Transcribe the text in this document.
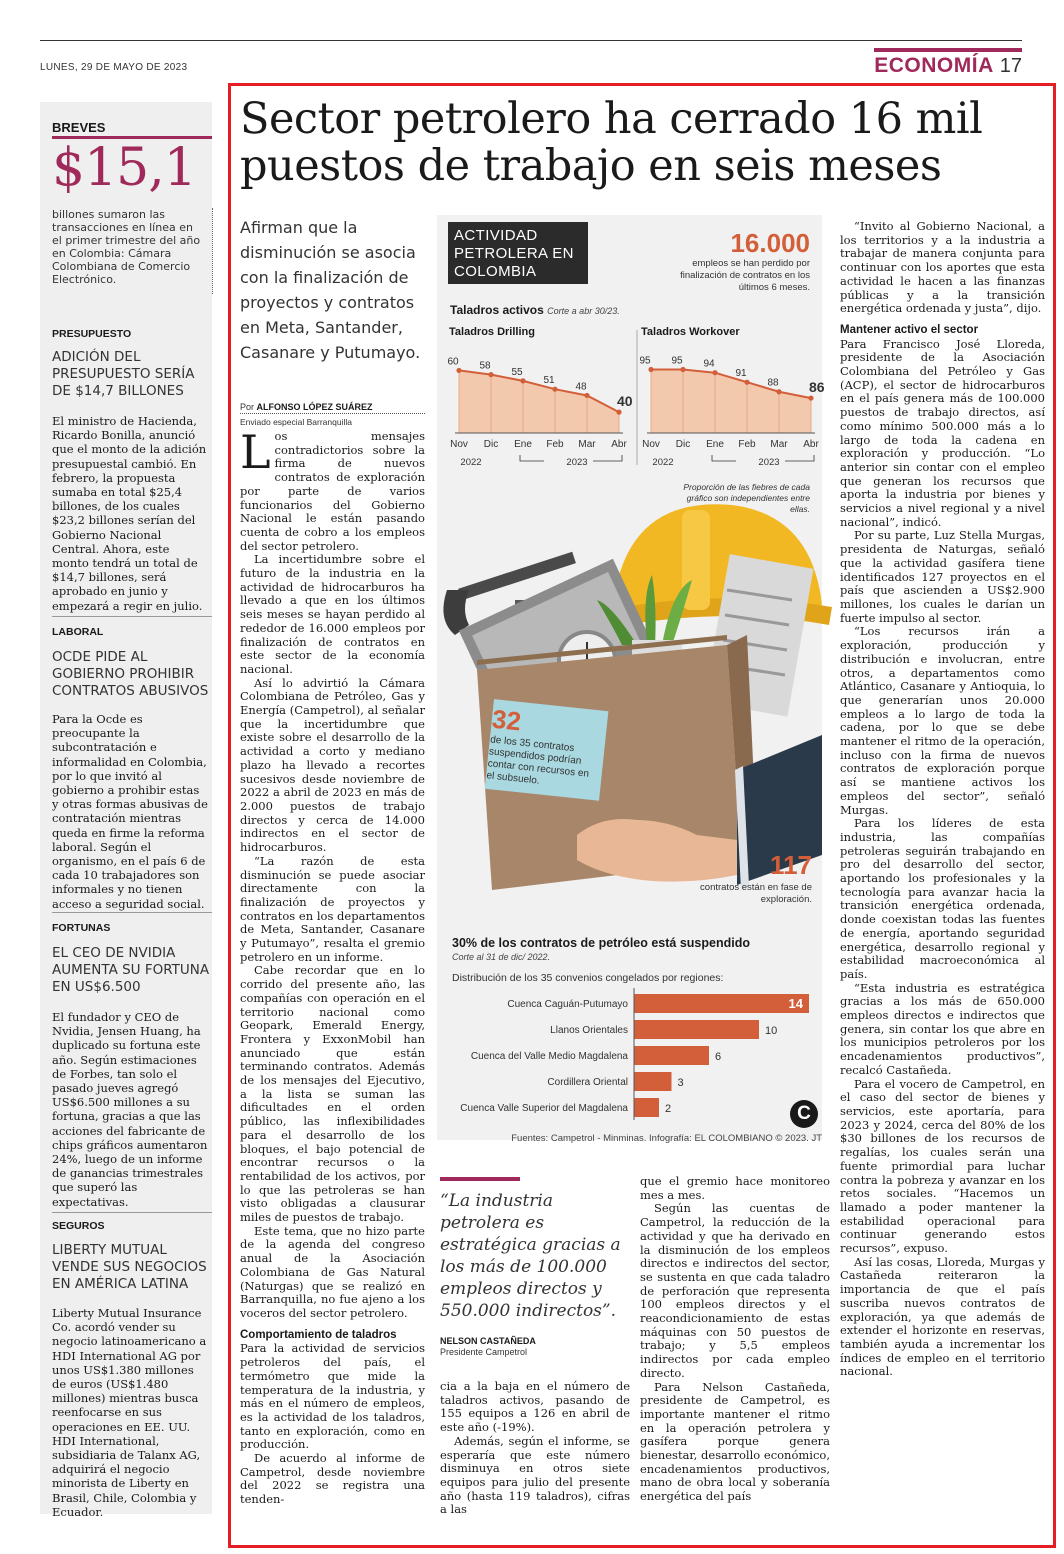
LUNES, 29 DE MAYO DE 2023	ECONOMÍA 17
BREVES
$15,1
billones sumaron las transacciones en línea en el primer trimestre del año en Colombia: Cámara Colombiana de Comercio Electrónico.
PRESUPUESTO
ADICIÓN DEL PRESUPUESTO SERÍA DE $14,7 BILLONES
El ministro de Hacienda, Ricardo Bonilla, anunció que el monto de la adición presupuestal cambió. En febrero, la propuesta sumaba en total $25,4 billones, de los cuales $23,2 billones serían del Gobierno Nacional Central. Ahora, este monto tendrá un total de $14,7 billones, será aprobado en junio y empezará a regir en julio.
LABORAL
OCDE PIDE AL GOBIERNO PROHIBIR CONTRATOS ABUSIVOS
Para la Ocde es preocupante la subcontratación e informalidad en Colombia, por lo que invitó al gobierno a prohibir estas y otras formas abusivas de contratación mientras queda en firme la reforma laboral. Según el organismo, en el país 6 de cada 10 trabajadores son informales y no tienen acceso a seguridad social.
FORTUNAS
EL CEO DE NVIDIA AUMENTA SU FORTUNA EN US$6.500
El fundador y CEO de Nvidia, Jensen Huang, ha duplicado su fortuna este año. Según estimaciones de Forbes, tan solo el pasado jueves agregó US$6.500 millones a su fortuna, gracias a que las acciones del fabricante de chips gráficos aumentaron 24%, luego de un informe de ganancias trimestrales que superó las expectativas.
SEGUROS
LIBERTY MUTUAL VENDE SUS NEGOCIOS EN AMÉRICA LATINA
Liberty Mutual Insurance Co. acordó vender su negocio latinoamericano a HDI International AG por unos US$1.380 millones de euros (US$1.480 millones) mientras busca reenfocarse en sus operaciones en EE. UU. HDI International, subsidiaria de Talanx AG, adquirirá el negocio minorista de Liberty en Brasil, Chile, Colombia y Ecuador.
Sector petrolero ha cerrado 16 mil puestos de trabajo en seis meses
Afirman que la disminución se asocia con la finalización de proyectos y contratos en Meta, Santander, Casanare y Putumayo.
Por ALFONSO LÓPEZ SUÁREZ
Enviado especial Barranquilla
L os mensajes contradictorios sobre la firma de nuevos contratos de exploración por parte de varios funcionarios del Gobierno Nacional le están pasando cuenta de cobro a los empleos del sector petrolero.

La incertidumbre sobre el futuro de la industria en la actividad de hidrocarburos ha llevado a que en los últimos seis meses se hayan perdido al rededor de 16.000 empleos por finalización de contratos en este sector de la economía nacional.

Así lo advirtió la Cámara Colombiana de Petróleo, Gas y Energía (Campetrol), al señalar que la incertidumbre que existe sobre el desarrollo de la actividad a corto y mediano plazo ha llevado a recortes sucesivos desde noviembre de 2022 a abril de 2023 en más de 2.000 puestos de trabajo directos y cerca de 14.000 indirectos en el sector de hidrocarburos.

“La razón de esta disminución se puede asociar directamente con la finalización de proyectos y contratos en los departamentos de Meta, Santander, Casanare y Putumayo”, resalta el gremio petrolero en un informe.

Cabe recordar que en lo corrido del presente año, las compañías con operación en el territorio nacional como Geopark, Emerald Energy, Frontera y ExxonMobil han anunciado que están terminando contratos. Además de los mensajes del Ejecutivo, a la lista se suman las dificultades en el orden público, las inflexibilidades para el desarrollo de los bloques, el bajo potencial de encontrar recursos o la rentabilidad de los activos, por lo que las petroleras se han visto obligadas a clausurar miles de puestos de trabajo.

Este tema, que no hizo parte de la agenda del congreso anual de la Asociación Colombiana de Gas Natural (Naturgas) que se realizó en Barranquilla, no fue ajeno a los voceros del sector petrolero.

Comportamiento de taladros

Para la actividad de servicios petroleros del país, el termómetro que mide la temperatura de la industria, y más en el número de empleos, es la actividad de los taladros, tanto en exploración, como en producción.

De acuerdo al informe de Campetrol, desde noviembre del 2022 se registra una tenden-

ACTIVIDAD PETROLERA EN COLOMBIA
16.000
empleos se han perdido por finalización de contratos en los últimos 6 meses.
Taladros activos Corte a abr 30/23.
Taladros Drilling
60
Nov
58
Dic
55
Ene
51
Feb
48
Mar
40
Abr
2022	2023
Taladros Workover
95
Nov
95
Dic
94
Ene
91
Feb
88
Mar
86
Abr
2022	2023
Proporción de las fiebres de cada gráfico son independientes entre ellas.
32
de los 35 contratos suspendidos podrían contar con recursos en el subsuelo.
117
contratos están en fase de exploración.
30% de los contratos de petróleo está suspendido
Corte al 31 de dic/ 2022.
Distribución de los 35 convenios congelados por regiones:
Cuenca Caguán-Putumayo	14
Llanos Orientales	10
Cuenca del Valle Medio Magdalena	6
Cordillera Oriental	3
Cuenca Valle Superior del Magdalena	2	C
Fuentes: Campetrol - Minminas. Infografía: EL COLOMBIANO © 2023. JT
“La industria petrolera es estratégica gracias a los más de 100.000 empleos directos y 550.000 indirectos”.
NELSON CASTAÑEDA
Presidente Campetrol

cia a la baja en el número de taladros activos, pasando de 155 equipos a 126 en abril de este año (-19%).

Además, según el informe, se esperaría que este número disminuya en otros siete equipos para julio del presente año (hasta 119 taladros), cifras a las

que el gremio hace monitoreo mes a mes.

Según las cuentas de Campetrol, la reducción de la actividad y que ha derivado en la disminución de los empleos directos e indirectos del sector, se sustenta en que cada taladro de perforación que representa 100 empleos directos y el reacondicionamiento de estas máquinas con 50 puestos de trabajo; y 5,5 empleos indirectos por cada empleo directo.

Para Nelson Castañeda, presidente de Campetrol, es importante mantener el ritmo en la operación petrolera y gasífera porque genera bienestar, desarrollo económico, encadenamientos productivos, mano de obra local y soberanía energética del país

“Invito al Gobierno Nacional, a los territorios y a la industria a trabajar de manera conjunta para continuar con los aportes que esta actividad le hacen a las finanzas públicas y a la transición energética ordenada y justa”, dijo.

Mantener activo el sector

Para Francisco José Lloreda, presidente de la Asociación Colombiana del Petróleo y Gas (ACP), el sector de hidrocarburos en el país genera más de 100.000 puestos de trabajo directos, así como mínimo 500.000 más a lo largo de toda la cadena en exploración y producción. “Lo anterior sin contar con el empleo que generan los recursos que aporta la industria por bienes y servicios a nivel regional y a nivel nacional”, indicó.

Por su parte, Luz Stella Murgas, presidenta de Naturgas, señaló que la actividad gasífera tiene identificados 127 proyectos en el país que ascienden a US$2.900 millones, los cuales le darían un fuerte impulso al sector.

“Los recursos irán a exploración, producción y distribución e involucran, entre otros, a departamentos como Atlántico, Casanare y Antioquia, lo que generarían unos 20.000 empleos a lo largo de toda la cadena, por lo que se debe mantener el ritmo de la operación, incluso con la firma de nuevos contratos de exploración porque así se mantiene activos los empleos del sector”, señaló Murgas.

Para los líderes de esta industria, las compañías petroleras seguirán trabajando en pro del desarrollo del sector, aportando los profesionales y la tecnología para avanzar hacia la transición energética ordenada, donde coexistan todas las fuentes de energía, aportando seguridad energética, desarrollo regional y estabilidad macroeconómica al país.

“Esta industria es estratégica gracias a los más de 650.000 empleos directos e indirectos que genera, sin contar los que abre en los municipios petroleros por los encadenamientos productivos”, recalcó Castañeda.

Para el vocero de Campetrol, en el caso del sector de bienes y servicios, este aportaría, para 2023 y 2024, cerca del 80% de los $30 billones de los recursos de regalías, los cuales serán una fuente primordial para luchar contra la pobreza y avanzar en los retos sociales. “Hacemos un llamado a poder mantener la estabilidad operacional para continuar generando estos recursos”, expuso.

Así las cosas, Lloreda, Murgas y Castañeda reiteraron la importancia de que el país suscriba nuevos contratos de exploración, ya que además de extender el horizonte en reservas, también ayuda a incrementar los índices de empleo en el territorio nacional.
